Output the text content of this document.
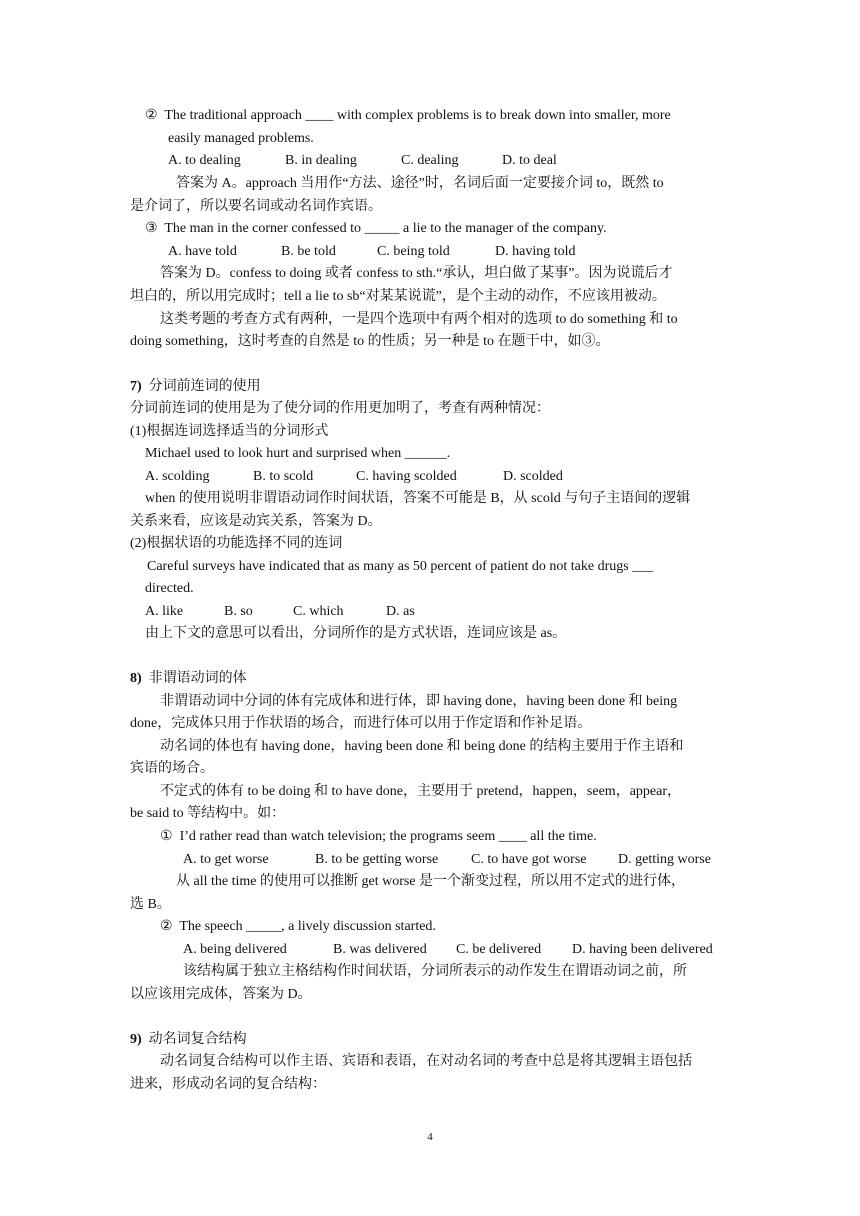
② The traditional approach ____ with complex problems is to break down into smaller, more
easily managed problems.
A. to dealing	B. in dealing	C. dealing	D. to deal
答案为 A。approach 当用作“方法、途径”时，名词后面一定要接介词 to，既然 to
是介词了，所以要名词或动名词作宾语。
③ The man in the corner confessed to _____ a lie to the manager of the company.
A. have told	B. be told	C. being told	D. having told
答案为 D。confess to doing 或者 confess to sth.“承认，坦白做了某事”。因为说谎后才
坦白的，所以用完成时；tell a lie to sb“对某某说谎”，是个主动的动作，不应该用被动。
这类考题的考查方式有两种，一是四个选项中有两个相对的选项 to do something 和 to
doing something，这时考查的自然是 to 的性质；另一种是 to 在题干中，如③。
7) 分词前连词的使用
分词前连词的使用是为了使分词的作用更加明了，考查有两种情况：
(1)根据连词选择适当的分词形式
Michael used to look hurt and surprised when ______.
A. scolding	B. to scold	C. having scolded	D. scolded
when 的使用说明非谓语动词作时间状语，答案不可能是 B，从 scold 与句子主语间的逻辑
关系来看，应该是动宾关系，答案为 D。
(2)根据状语的功能选择不同的连词
Careful surveys have indicated that as many as 50 percent of patient do not take drugs ___
directed.
A. like	B. so	C. which	D. as
由上下文的意思可以看出，分词所作的是方式状语，连词应该是 as。
8) 非谓语动词的体
非谓语动词中分词的体有完成体和进行体，即 having done，having been done 和 being
done，完成体只用于作状语的场合，而进行体可以用于作定语和作补足语。
动名词的体也有 having done，having been done 和 being done 的结构主要用于作主语和
宾语的场合。
不定式的体有 to be doing 和 to have done，主要用于 pretend，happen，seem，appear，
be said to 等结构中。如：
① I’d rather read than watch television; the programs seem ____ all the time.
A. to get worse	B. to be getting worse C. to have got worse D. getting worse
从 all the time 的使用可以推断 get worse 是一个渐变过程，所以用不定式的进行体，
选 B。
② The speech _____, a lively discussion started.
A. being delivered	B. was delivered C. be delivered D. having been delivered
该结构属于独立主格结构作时间状语，分词所表示的动作发生在谓语动词之前，所
以应该用完成体，答案为 D。
9) 动名词复合结构
动名词复合结构可以作主语、宾语和表语，在对动名词的考查中总是将其逻辑主语包括
进来，形成动名词的复合结构：
4
